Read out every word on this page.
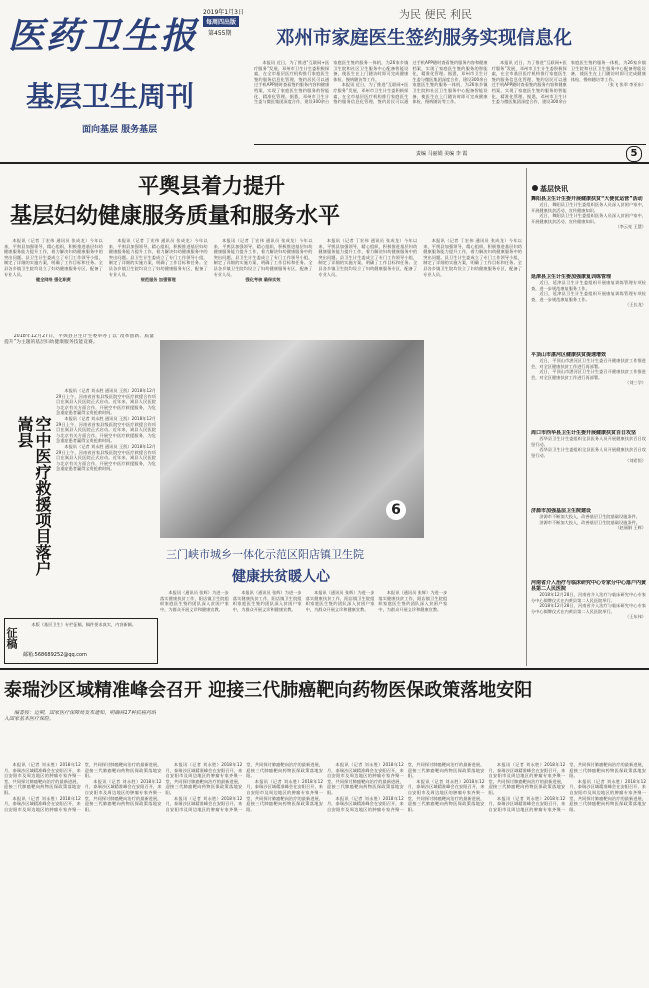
医药卫生报
2019年1月3日
每周四出版
第455期
基层卫生周刊
面向基层 服务基层
为民 便民 利民
邓州市家庭医生签约服务实现信息化

本报讯 近日，为了推进“互联网+医疗服务”发展，邓州市卫生计生委积极探索，在全市基层医疗机构推行家庭医生签约服务信息化管理，签约居民可以通过手机APP随时查看签约服务内容和健康档案，实现了家庭医生签约服务的智能化、精准化管理。据悉，邓州市卫生计生委与微医集团深度合作，建设300余台家庭医生签约服务一体机，为26家乡镇卫生院和社区卫生服务中心配备智能设备，使医生在上门随访时即可完成健康体检、慢病随访等工作。

本报讯 近日，为了推进“互联网+医疗服务”发展，邓州市卫生计生委积极探索，在全市基层医疗机构推行家庭医生签约服务信息化管理，签约居民可以通过手机APP随时查看签约服务内容和健康档案，实现了家庭医生签约服务的智能化、精准化管理。据悉，邓州市卫生计生委与微医集团深度合作，建设300余台家庭医生签约服务一体机，为26家乡镇卫生院和社区卫生服务中心配备智能设备，使医生在上门随访时即可完成健康体检、慢病随访等工作。

本报讯 近日，为了推进“互联网+医疗服务”发展，邓州市卫生计生委积极探索，在全市基层医疗机构推行家庭医生签约服务信息化管理，签约居民可以通过手机APP随时查看签约服务内容和健康档案，实现了家庭医生签约服务的智能化、精准化管理。据悉，邓州市卫生计生委与微医集团深度合作，建设300余台家庭医生签约服务一体机，为26家乡镇卫生院和社区卫生服务中心配备智能设备，使医生在上门随访时即可完成健康体检、慢病随访等工作。

（张飞 张翠 李亚东）

责编 马丽娟 美编 李 霞	5
平舆县着力提升
基层妇幼健康服务质量和服务水平

本报讯（记者 丁宏伟 通讯员 张成龙）今年以来，平舆县加强领导，精心组织，积极推进基层妇幼健康服务能力提升工作，着力解决妇幼健康服务中的突出问题。县卫生计生委成立了专门工作领导小组，制定了详细的实施方案，明确了工作目标和任务。全县各乡镇卫生院均设立了妇幼健康服务专区，配备了专业人员。

健全网络 强化职责

本报讯（记者 丁宏伟 通讯员 张成龙）今年以来，平舆县加强领导，精心组织，积极推进基层妇幼健康服务能力提升工作，着力解决妇幼健康服务中的突出问题。县卫生计生委成立了专门工作领导小组，制定了详细的实施方案，明确了工作目标和任务。全县各乡镇卫生院均设立了妇幼健康服务专区，配备了专业人员。

规范服务 加强管理

本报讯（记者 丁宏伟 通讯员 张成龙）今年以来，平舆县加强领导，精心组织，积极推进基层妇幼健康服务能力提升工作，着力解决妇幼健康服务中的突出问题。县卫生计生委成立了专门工作领导小组，制定了详细的实施方案，明确了工作目标和任务。全县各乡镇卫生院均设立了妇幼健康服务专区，配备了专业人员。

强化考核 确保实效

本报讯（记者 丁宏伟 通讯员 张成龙）今年以来，平舆县加强领导，精心组织，积极推进基层妇幼健康服务能力提升工作，着力解决妇幼健康服务中的突出问题。县卫生计生委成立了专门工作领导小组，制定了详细的实施方案，明确了工作目标和任务。全县各乡镇卫生院均设立了妇幼健康服务专区，配备了专业人员。

本报讯（记者 丁宏伟 通讯员 张成龙）今年以来，平舆县加强领导，精心组织，积极推进基层妇幼健康服务能力提升工作，着力解决妇幼健康服务中的突出问题。县卫生计生委成立了专门工作领导小组，制定了详细的实施方案，明确了工作目标和任务。全县各乡镇卫生院均设立了妇幼健康服务专区，配备了专业人员。

2018年12月27日，平舆县卫生计生委举办了以“改革创新、质量提升”为主题的基层妇幼健康服务技能竞赛。

6
三门峡市城乡一体化示范区阳店镇卫生院
健康扶贫暖人心

本报讯（通讯员 张辉）为进一步落实健康扶贫工作，阳店镇卫生院组织家庭医生签约团队深入贫困户家中，为群众开展义诊和健康宣教。

本报讯（通讯员 张辉）为进一步落实健康扶贫工作，阳店镇卫生院组织家庭医生签约团队深入贫困户家中，为群众开展义诊和健康宣教。

本报讯（通讯员 张辉）为进一步落实健康扶贫工作，阳店镇卫生院组织家庭医生签约团队深入贫困户家中，为群众开展义诊和健康宣教。

本报讯（通讯员 张辉）为进一步落实健康扶贫工作，阳店镇卫生院组织家庭医生签约团队深入贫困户家中，为群众开展义诊和健康宣教。

空中医疗救援项目落户嵩县

本报讯（记者 刘永胜 通讯员 王凯）2018年12月29日上午，河南省首家县级医院空中医疗救援合作项目在嵩县人民医院正式启动。近年来，嵩县人民医院与北京有关方面合作，开展空中医疗救援服务，为危急重症患者赢得宝贵抢救时间。

本报讯（记者 刘永胜 通讯员 王凯）2018年12月29日上午，河南省首家县级医院空中医疗救援合作项目在嵩县人民医院正式启动。近年来，嵩县人民医院与北京有关方面合作，开展空中医疗救援服务，为危急重症患者赢得宝贵抢救时间。

本报讯（记者 刘永胜 通讯员 王凯）2018年12月29日上午，河南省首家县级医院空中医疗救援合作项目在嵩县人民医院正式启动。近年来，嵩县人民医院与北京有关方面合作，开展空中医疗救援服务，为危急重症患者赢得宝贵抢救时间。

征稿

本版《基层卫生》专栏征稿，稿件要求真实，内容新颖。

邮箱:568689252@qq.com
基层快讯
舞阳县卫生计生委开展健康扶贫“大便优运营”活动

近日，舞阳县卫生计生委组织医务人员深入贫困户家中，开展健康扶贫活动，宣传健康知识。

近日，舞阳县卫生计生委组织医务人员深入贫困户家中，开展健康扶贫活动，宣传健康知识。

（李云亮 王慧）

延津县卫生计生委加强康复训练管理

近日，延津县卫生计生委组织开展康复训练管理专项检查，进一步规范康复服务工作。

近日，延津县卫生计生委组织开展康复训练管理专项检查，进一步规范康复服务工作。

（王长龙）

平顶山市湛河区健康扶贫提速增效

近日，平顶山市湛河区卫生计生委召开健康扶贫工作推进会，对全区健康扶贫工作进行再部署。

近日，平顶山市湛河区卫生计生委召开健康扶贫工作推进会，对全区健康扶贫工作进行再部署。

（刘三学）

周口市西华县卫生计生委开展健康扶贫百日攻坚

西华县卫生计生委组织全县医务人员开展健康扶贫百日攻坚行动。

西华县卫生计生委组织全县医务人员开展健康扶贫百日攻坚行动。

（刘希恒）

济源市加强基层卫生院建设

济源市不断加大投入，改善基层卫生院基础设施条件。

济源市不断加大投入，改善基层卫生院基础设施条件。

（赵丽娟 王辉）

河南省介入治疗与临床研究中心专家分中心落户内黄县第二人民医院

2018年12月28日，河南省介入治疗与临床研究中心专家分中心揭牌仪式在内黄县第二人民医院举行。

2018年12月28日，河南省介入治疗与临床研究中心专家分中心揭牌仪式在内黄县第二人民医院举行。

（王东伟）

泰瑞沙区域精准峰会召开 迎接三代肺癌靶向药物医保政策落地安阳

编者按：近期，国家医疗保障局发布通知，明确将17种抗癌药纳入国家基本医疗保险。

本报讯（记者 刘永胜）2018年12月，泰瑞沙区域精准峰会在安阳召开，来自安阳市及周边地区的肿瘤专家齐聚一堂，共同探讨肺癌靶向治疗的最新进展，迎接三代肺癌靶向药物医保政策落地安阳。

本报讯（记者 刘永胜）2018年12月，泰瑞沙区域精准峰会在安阳召开，来自安阳市及周边地区的肿瘤专家齐聚一堂，共同探讨肺癌靶向治疗的最新进展，迎接三代肺癌靶向药物医保政策落地安阳。

本报讯（记者 刘永胜）2018年12月，泰瑞沙区域精准峰会在安阳召开，来自安阳市及周边地区的肿瘤专家齐聚一堂，共同探讨肺癌靶向治疗的最新进展，迎接三代肺癌靶向药物医保政策落地安阳。

本报讯（记者 刘永胜）2018年12月，泰瑞沙区域精准峰会在安阳召开，来自安阳市及周边地区的肿瘤专家齐聚一堂，共同探讨肺癌靶向治疗的最新进展，迎接三代肺癌靶向药物医保政策落地安阳。

本报讯（记者 刘永胜）2018年12月，泰瑞沙区域精准峰会在安阳召开，来自安阳市及周边地区的肿瘤专家齐聚一堂，共同探讨肺癌靶向治疗的最新进展，迎接三代肺癌靶向药物医保政策落地安阳。

本报讯（记者 刘永胜）2018年12月，泰瑞沙区域精准峰会在安阳召开，来自安阳市及周边地区的肿瘤专家齐聚一堂，共同探讨肺癌靶向治疗的最新进展，迎接三代肺癌靶向药物医保政策落地安阳。

本报讯（记者 刘永胜）2018年12月，泰瑞沙区域精准峰会在安阳召开，来自安阳市及周边地区的肿瘤专家齐聚一堂，共同探讨肺癌靶向治疗的最新进展，迎接三代肺癌靶向药物医保政策落地安阳。

本报讯（记者 刘永胜）2018年12月，泰瑞沙区域精准峰会在安阳召开，来自安阳市及周边地区的肿瘤专家齐聚一堂，共同探讨肺癌靶向治疗的最新进展，迎接三代肺癌靶向药物医保政策落地安阳。

本报讯（记者 刘永胜）2018年12月，泰瑞沙区域精准峰会在安阳召开，来自安阳市及周边地区的肿瘤专家齐聚一堂，共同探讨肺癌靶向治疗的最新进展，迎接三代肺癌靶向药物医保政策落地安阳。

本报讯（记者 刘永胜）2018年12月，泰瑞沙区域精准峰会在安阳召开，来自安阳市及周边地区的肿瘤专家齐聚一堂，共同探讨肺癌靶向治疗的最新进展，迎接三代肺癌靶向药物医保政策落地安阳。

本报讯（记者 刘永胜）2018年12月，泰瑞沙区域精准峰会在安阳召开，来自安阳市及周边地区的肿瘤专家齐聚一堂，共同探讨肺癌靶向治疗的最新进展，迎接三代肺癌靶向药物医保政策落地安阳。

本报讯（记者 刘永胜）2018年12月，泰瑞沙区域精准峰会在安阳召开，来自安阳市及周边地区的肿瘤专家齐聚一堂，共同探讨肺癌靶向治疗的最新进展，迎接三代肺癌靶向药物医保政策落地安阳。
